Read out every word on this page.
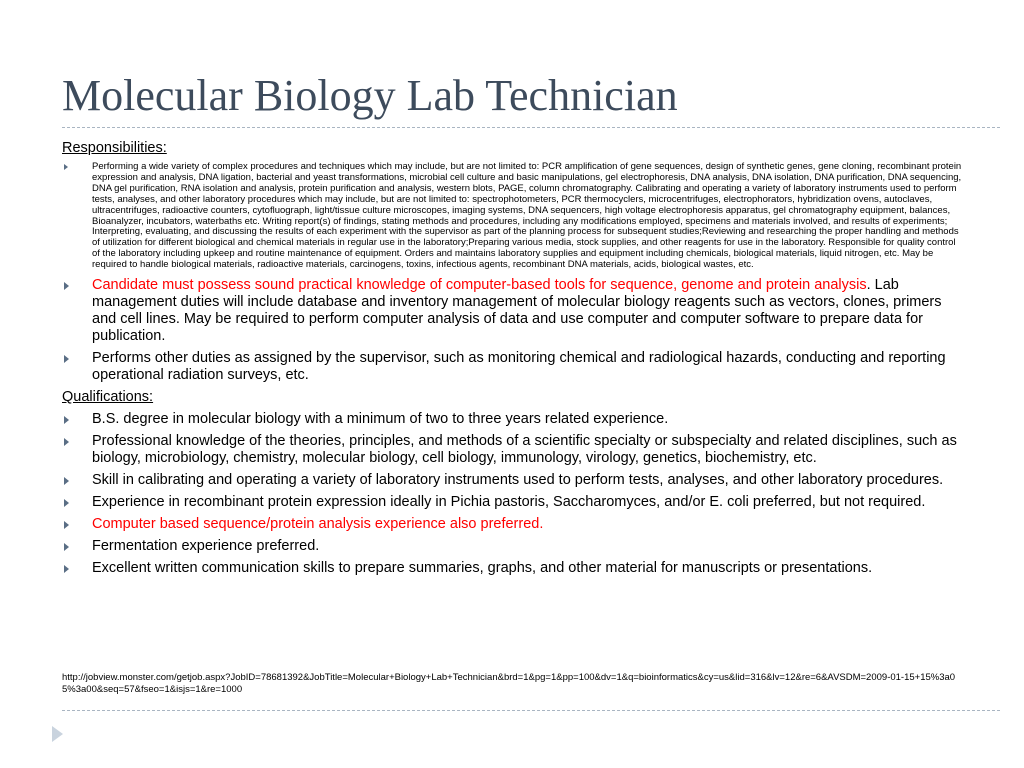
Molecular Biology Lab Technician
Responsibilities:
Performing a wide variety of complex procedures and techniques which may include, but are not limited to: PCR amplification of gene sequences, design of synthetic genes, gene cloning, recombinant protein expression and analysis, DNA ligation, bacterial and yeast transformations, microbial cell culture and basic manipulations, gel electrophoresis, DNA analysis, DNA isolation, DNA purification, DNA sequencing, DNA gel purification, RNA isolation and analysis, protein purification and analysis, western blots, PAGE, column chromatography. Calibrating and operating a variety of laboratory instruments used to perform tests, analyses, and other laboratory procedures which may include, but are not limited to: spectrophotometers, PCR thermocyclers, microcentrifuges, electrophorators, hybridization ovens, autoclaves, ultracentrifuges, radioactive counters, cytofluograph, light/tissue culture microscopes, imaging systems, DNA sequencers, high voltage electrophoresis apparatus, gel chromatography equipment, balances, Bioanalyzer, incubators, waterbaths etc. Writing report(s) of findings, stating methods and procedures, including any modifications employed, specimens and materials involved, and results of experiments; Interpreting, evaluating, and discussing the results of each experiment with the supervisor as part of the planning process for subsequent studies;Reviewing and researching the proper handling and methods of utilization for different biological and chemical materials in regular use in the laboratory;Preparing various media, stock supplies, and other reagents for use in the laboratory. Responsible for quality control of the laboratory including upkeep and routine maintenance of equipment. Orders and maintains laboratory supplies and equipment including chemicals, biological materials, liquid nitrogen, etc. May be required to handle biological materials, radioactive materials, carcinogens, toxins, infectious agents, recombinant DNA materials, acids, biological wastes, etc.
Candidate must possess sound practical knowledge of computer-based tools for sequence, genome and protein analysis. Lab management duties will include database and inventory management of molecular biology reagents such as vectors, clones, primers and cell lines. May be required to perform computer analysis of data and use computer and computer software to prepare data for publication.
Performs other duties as assigned by the supervisor, such as monitoring chemical and radiological hazards, conducting and reporting operational radiation surveys, etc.
Qualifications:
B.S. degree in molecular biology with a minimum of two to three years related experience.
Professional knowledge of the theories, principles, and methods of a scientific specialty or subspecialty and related disciplines, such as biology, microbiology, chemistry, molecular biology, cell biology, immunology, virology, genetics, biochemistry, etc.
Skill in calibrating and operating a variety of laboratory instruments used to perform tests, analyses, and other laboratory procedures.
Experience in recombinant protein expression ideally in Pichia pastoris, Saccharomyces, and/or E. coli preferred, but not required.
Computer based sequence/protein analysis experience also preferred.
Fermentation experience preferred.
Excellent written communication skills to prepare summaries, graphs, and other material for manuscripts or presentations.
http://jobview.monster.com/getjob.aspx?JobID=78681392&JobTitle=Molecular+Biology+Lab+Technician&brd=1&pg=1&pp=100&dv=1&q=bioinformatics&cy=us&lid=316&lv=12&re=6&AVSDM=2009-01-15+15%3a05%3a00&seq=57&fseo=1&isjs=1&re=1000
